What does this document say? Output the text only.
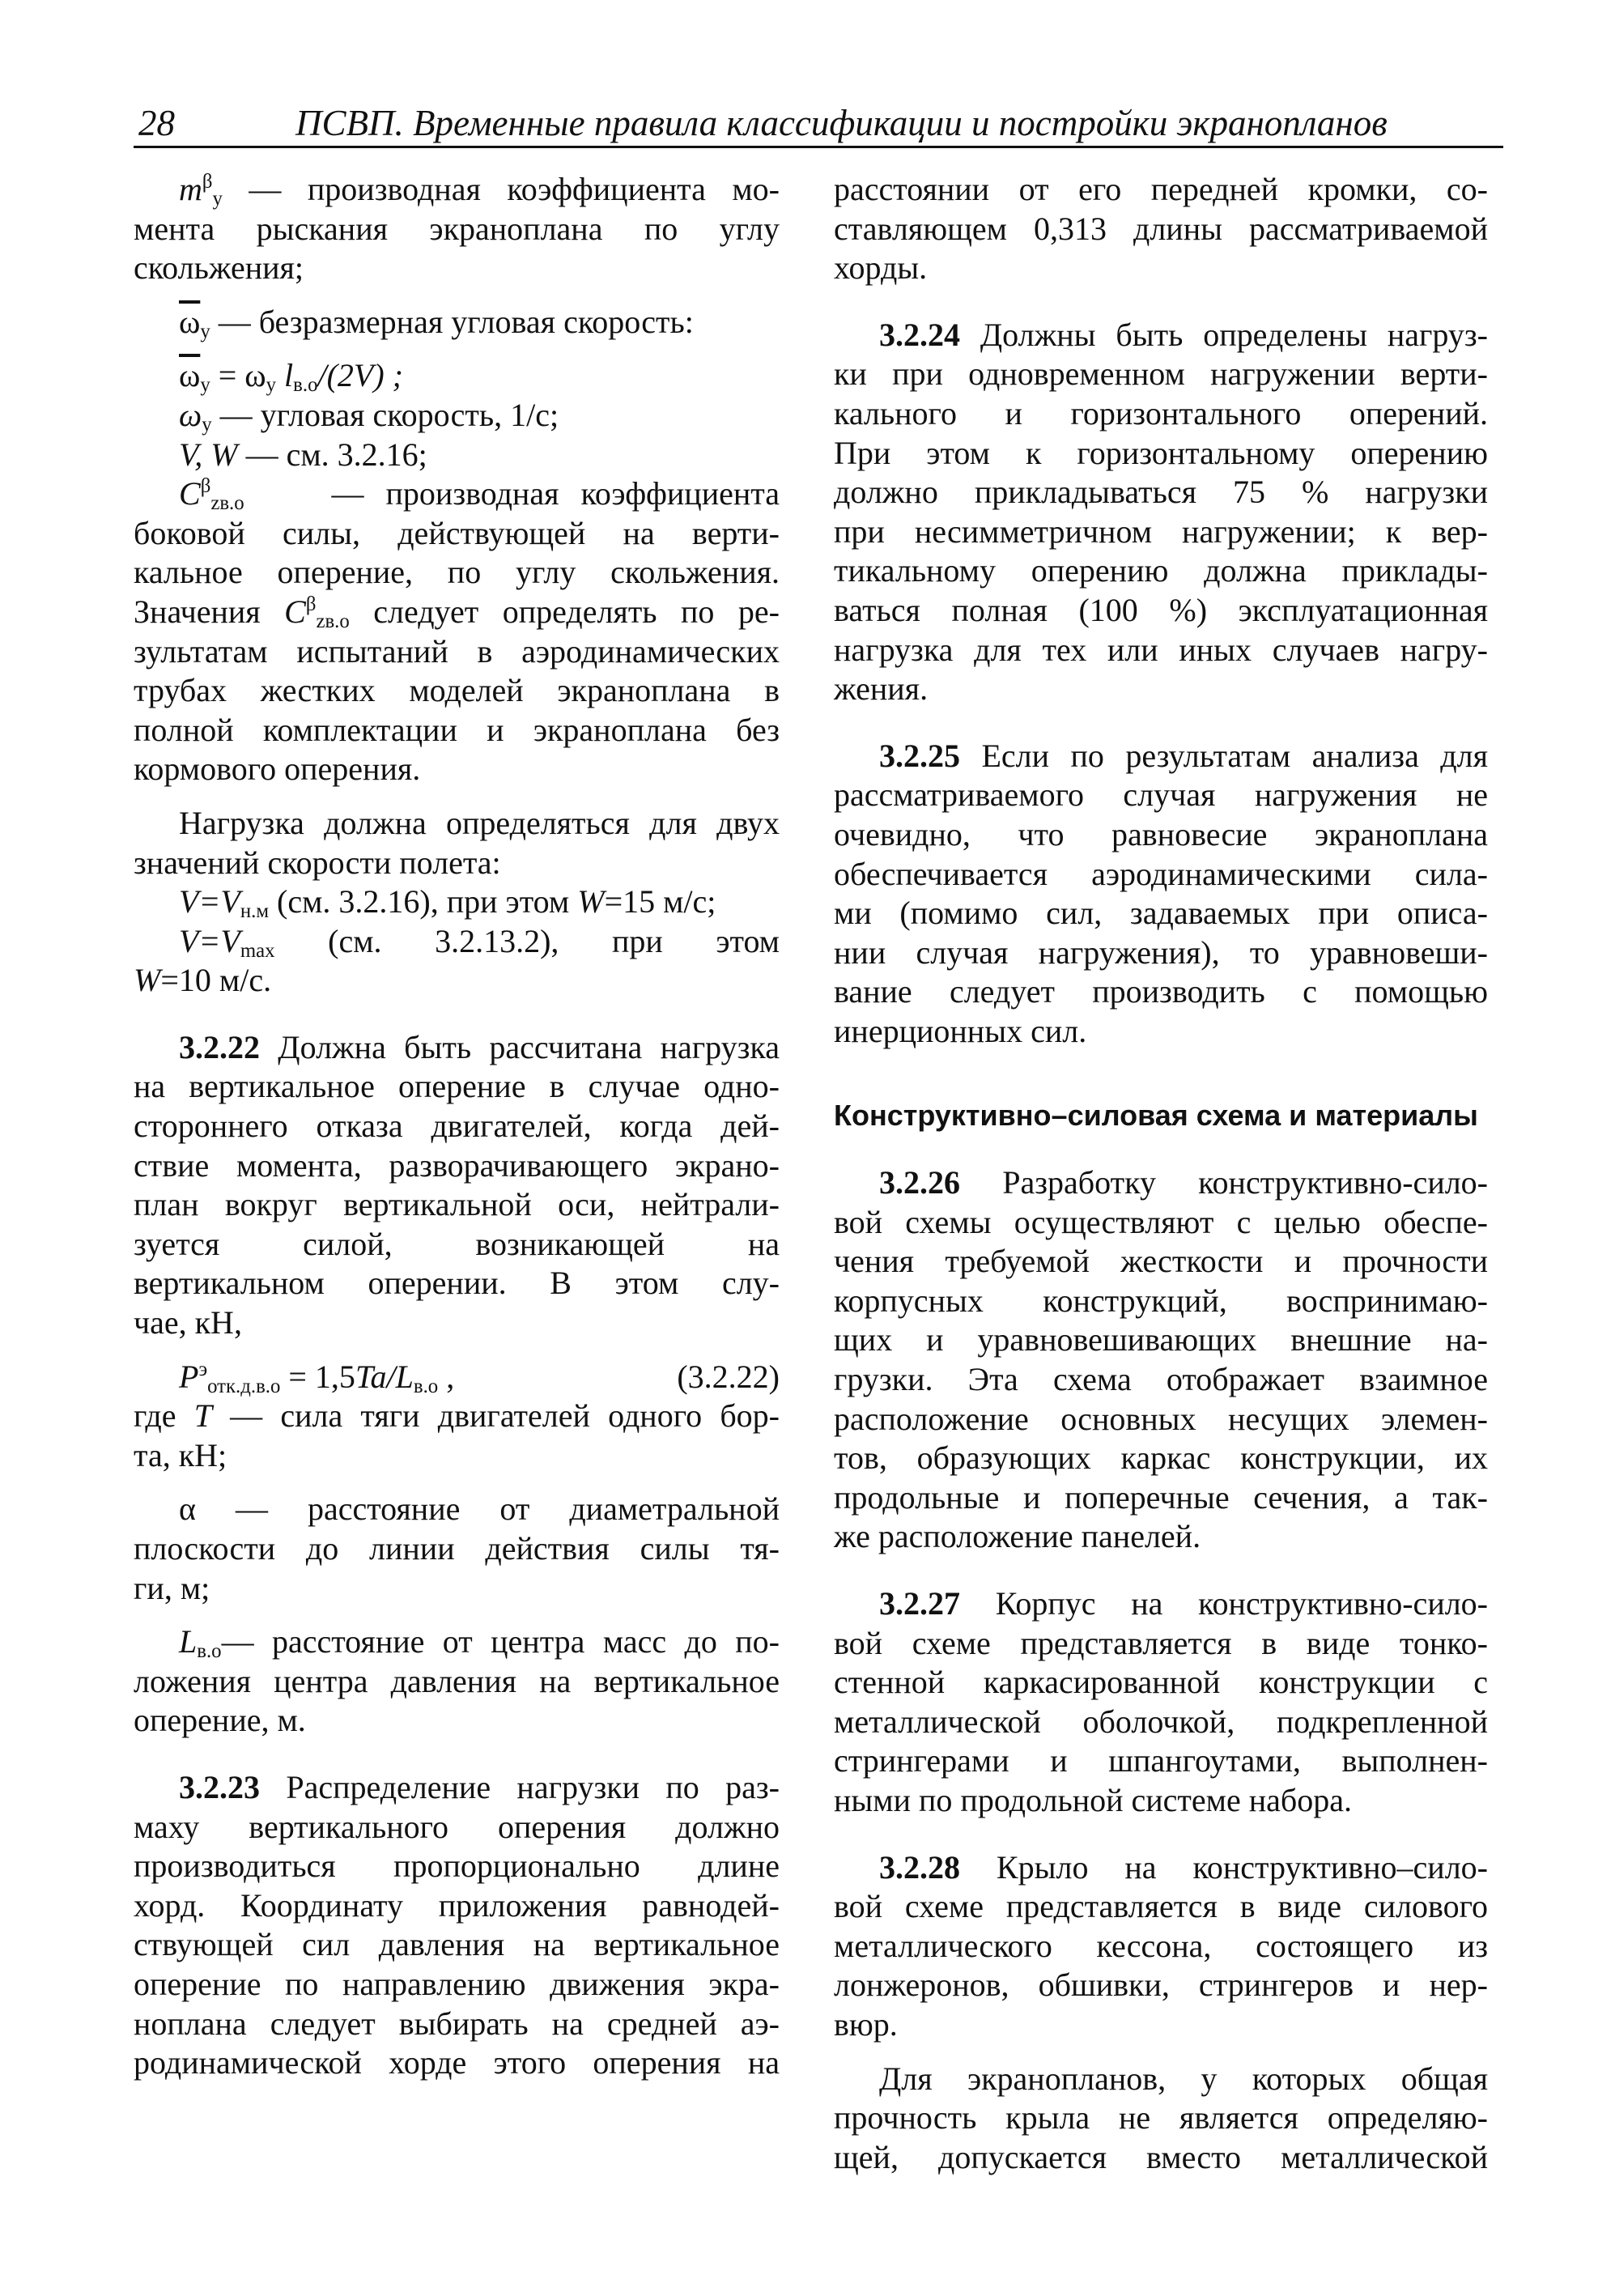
28	ПСВП. Временные правила классификации и постройки экранопланов

$m^\beta_y$ — производная коэффициента мо-

мента рыскания экраноплана по углу

скольжения;

$\overline{\omega}_y$ — безразмерная угловая скорость:

$\overline{\omega}_y = \omega_y$ $l_{в.о}/(2V)$ ;

$\omega_y$ — угловая скорость, 1/с;

V, W — см. 3.2.16;

$C^\beta_{zв.о}$	— производная коэффициента

боковой силы, действующей на верти-

кальное оперение, по углу скольжения.

Значения $C^\beta_{zв.о}$ следует определять по ре-

зультатам испытаний в аэродинамических

трубах жестких моделей экраноплана в

полной комплектации и экраноплана без

кормового оперения.

Нагрузка должна определяться для двух

значений скорости полета:

$V=V_{н.м}$ (см. 3.2.16), при этом W=15 м/с;

$V=V_{max}$ (см. 3.2.13.2), при этом

W=10 м/с.

3.2.22 Должна быть рассчитана нагрузка

на вертикальное оперение в случае одно-

стороннего отказа двигателей, когда дей-

ствие момента, разворачивающего экрано-

план вокруг вертикальной оси, нейтрали-

зуется силой, возникающей на

вертикальном оперении. В этом слу-

чае, кН,

$P^э_{отк.д.в.о} = 1,5Ta/L_{в.о}$ ,	(3.2.22)

где T — сила тяги двигателей одного бор-

та, кН;

α — расстояние от диаметральной

плоскости до линии действия силы тя-

ги, м;

$L_{в.о}—$ расстояние от центра масс до по-

ложения центра давления на вертикальное

оперение, м.

3.2.23 Распределение нагрузки по раз-

маху вертикального оперения должно

производиться пропорционально длине

хорд. Координату приложения равнодей-

ствующей сил давления на вертикальное

оперение по направлению движения экра-

ноплана следует выбирать на средней аэ-

родинамической хорде этого оперения на

расстоянии от его передней кромки, со-

ставляющем 0,313 длины рассматриваемой

хорды.

3.2.24 Должны быть определены нагруз-

ки при одновременном нагружении верти-

кального и горизонтального оперений.

При этом к горизонтальному оперению

должно прикладываться 75 % нагрузки

при несимметричном нагружении; к вер-

тикальному оперению должна приклады-

ваться полная (100 %) эксплуатационная

нагрузка для тех или иных случаев нагру-

жения.

3.2.25 Если по результатам анализа для

рассматриваемого случая нагружения не

очевидно, что равновесие экраноплана

обеспечивается аэродинамическими сила-

ми (помимо сил, задаваемых при описа-

нии случая нагружения), то уравновеши-

вание следует производить с помощью

инерционных сил.

Конструктивно–силовая схема и материалы

3.2.26 Разработку конструктивно-сило-

вой схемы осуществляют с целью обеспе-

чения требуемой жесткости и прочности

корпусных конструкций, воспринимаю-

щих и уравновешивающих внешние на-

грузки. Эта схема отображает взаимное

расположение основных несущих элемен-

тов, образующих каркас конструкции, их

продольные и поперечные сечения, а так-

же расположение панелей.

3.2.27 Корпус на конструктивно-сило-

вой схеме представляется в виде тонко-

стенной каркасированной конструкции с

металлической оболочкой, подкрепленной

стрингерами и шпангоутами, выполнен-

ными по продольной системе набора.

3.2.28 Крыло на конструктивно–сило-

вой схеме представляется в виде силового

металлического кессона, состоящего из

лонжеронов, обшивки, стрингеров и нер-

вюр.

Для экранопланов, у которых общая

прочность крыла не является определяю-

щей, допускается вместо металлической
